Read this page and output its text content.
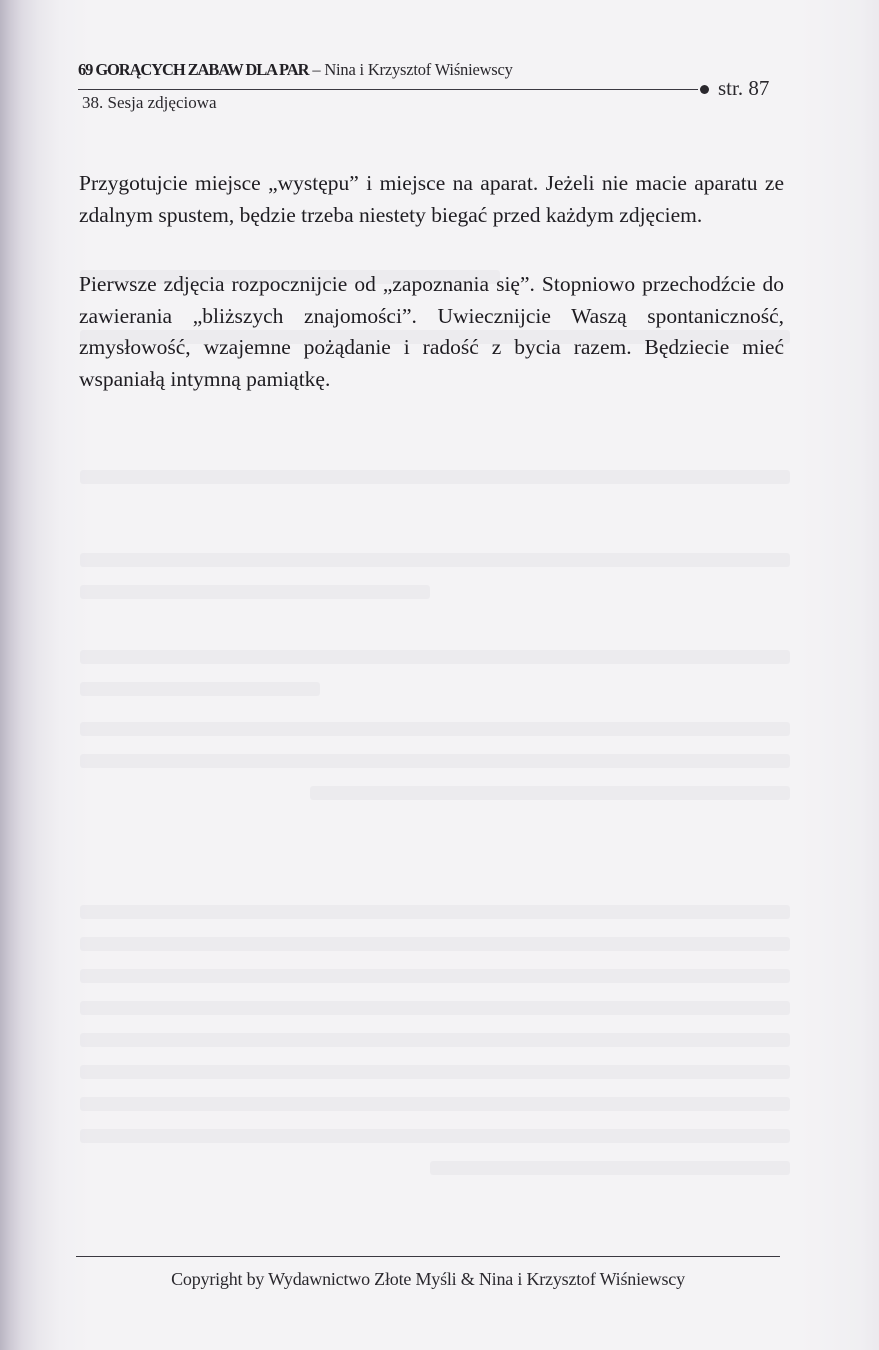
69 GORĄCYCH ZABAW DLA PAR – Nina i Krzysztof Wiśniewscy
str. 87
38. Sesja zdjęciowa

Przygotujcie miejsce „występu” i miejsce na aparat. Jeżeli nie macie aparatu ze zdalnym spustem, będzie trzeba niestety biegać przed każdym zdjęciem.

Pierwsze zdjęcia rozpocznijcie od „zapoznania się”. Stopniowo przechodźcie do zawierania „bliższych znajomości”. Uwiecznijcie Waszą spontaniczność, zmysłowość, wzajemne pożądanie i radość z bycia razem. Będziecie mieć wspaniałą intymną pamiątkę.

Copyright by Wydawnictwo Złote Myśli & Nina i Krzysztof Wiśniewscy
